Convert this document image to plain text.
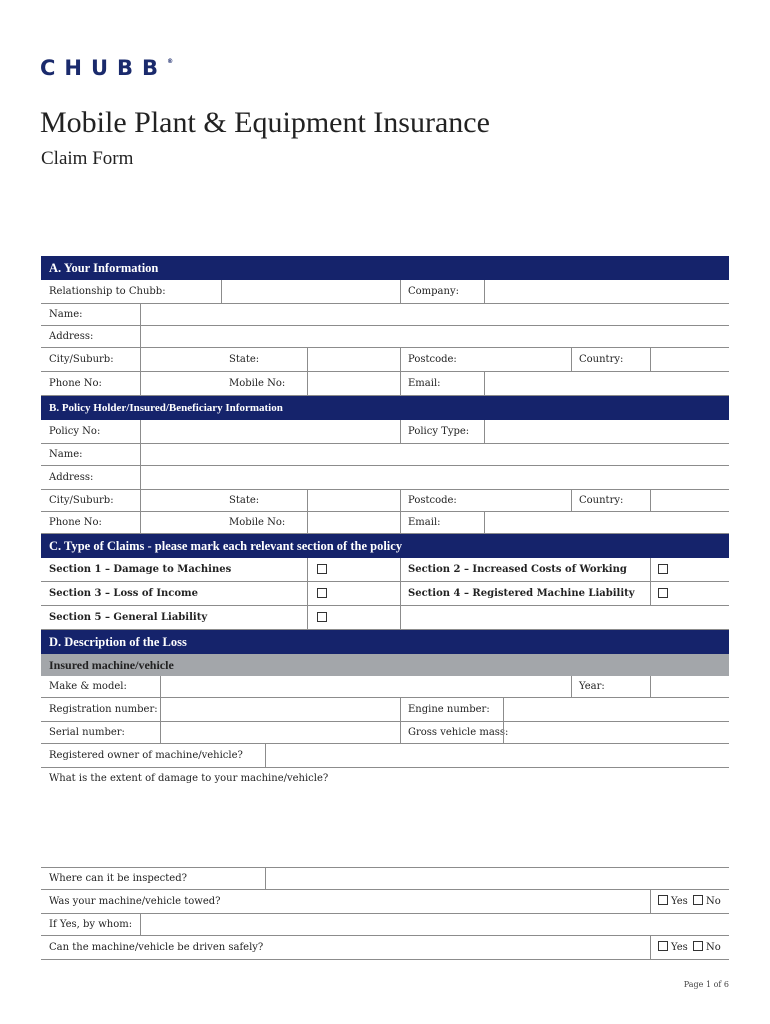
CHUBB®
Mobile Plant & Equipment Insurance
Claim Form
A. Your Information
Relationship to Chubb:	Company:
Name:
Address:
City/Suburb:	State:	Postcode:	Country:
Phone No:	Mobile No:	Email:
B. Policy Holder/Insured/Beneficiary Information
Policy No:	Policy Type:
Name:
Address:
City/Suburb:	State:	Postcode:	Country:
Phone No:	Mobile No:	Email:
C. Type of Claims - please mark each relevant section of the policy
Section 1 – Damage to Machines	Section 2 – Increased Costs of Working
Section 3 – Loss of Income	Section 4 – Registered Machine Liability
Section 5 – General Liability
D. Description of the Loss
Insured machine/vehicle
Make & model:	Year:
Registration number:	Engine number:
Serial number:	Gross vehicle mass:
Registered owner of machine/vehicle?
What is the extent of damage to your machine/vehicle?
Where can it be inspected?
Was your machine/vehicle towed?	Yes	No
If Yes, by whom:
Can the machine/vehicle be driven safely?	Yes	No
Page 1 of 6
